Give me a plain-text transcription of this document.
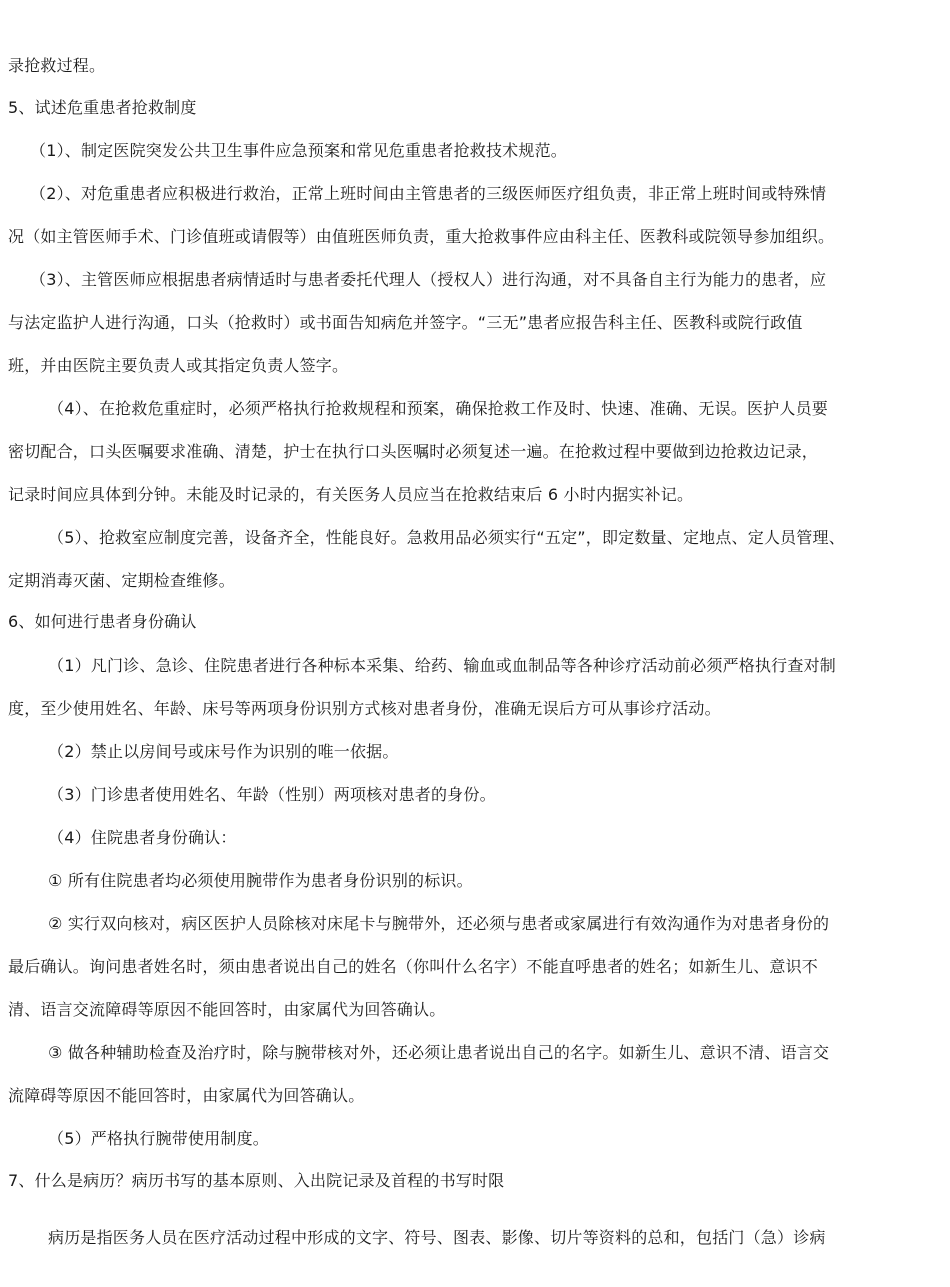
录抢救过程。
5、试述危重患者抢救制度
（1）、制定医院突发公共卫生事件应急预案和常见危重患者抢救技术规范。
（2）、对危重患者应积极进行救治，正常上班时间由主管患者的三级医师医疗组负责，非正常上班时间或特殊情
况（如主管医师手术、门诊值班或请假等）由值班医师负责，重大抢救事件应由科主任、医教科或院领导参加组织。
（3）、主管医师应根据患者病情适时与患者委托代理人（授权人）进行沟通，对不具备自主行为能力的患者，应
与法定监护人进行沟通，口头（抢救时）或书面告知病危并签字。“三无”患者应报告科主任、医教科或院行政值
班，并由医院主要负责人或其指定负责人签字。
（4）、在抢救危重症时，必须严格执行抢救规程和预案，确保抢救工作及时、快速、准确、无误。医护人员要
密切配合，口头医嘱要求准确、清楚，护士在执行口头医嘱时必须复述一遍。在抢救过程中要做到边抢救边记录，
记录时间应具体到分钟。未能及时记录的，有关医务人员应当在抢救结束后 6 小时内据实补记。
（5）、抢救室应制度完善，设备齐全，性能良好。急救用品必须实行“五定”，即定数量、定地点、定人员管理、
定期消毒灭菌、定期检查维修。
6、如何进行患者身份确认
（1）凡门诊、急诊、住院患者进行各种标本采集、给药、输血或血制品等各种诊疗活动前必须严格执行查对制
度，至少使用姓名、年龄、床号等两项身份识别方式核对患者身份，准确无误后方可从事诊疗活动。
（2）禁止以房间号或床号作为识别的唯一依据。
（3）门诊患者使用姓名、年龄（性别）两项核对患者的身份。
（4）住院患者身份确认：
① 所有住院患者均必须使用腕带作为患者身份识别的标识。
② 实行双向核对，病区医护人员除核对床尾卡与腕带外，还必须与患者或家属进行有效沟通作为对患者身份的
最后确认。询问患者姓名时，须由患者说出自己的姓名（你叫什么名字）不能直呼患者的姓名；如新生儿、意识不
清、语言交流障碍等原因不能回答时，由家属代为回答确认。
③ 做各种辅助检查及治疗时，除与腕带核对外，还必须让患者说出自己的名字。如新生儿、意识不清、语言交
流障碍等原因不能回答时，由家属代为回答确认。
（5）严格执行腕带使用制度。
7、什么是病历？病历书写的基本原则、入出院记录及首程的书写时限
病历是指医务人员在医疗活动过程中形成的文字、符号、图表、影像、切片等资料的总和，包括门（急）诊病
